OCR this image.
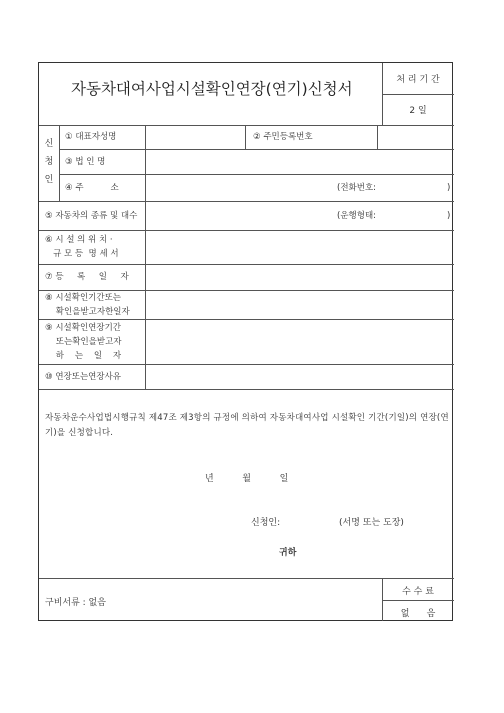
자동차대여사업시설확인연장(연기)신청서	처 리 기 간
2 일
신
청
인
① 대표자성명	② 주민등록번호
③ 법 인 명
④ 주          소	(전화번호:	)
⑤ 자동차의 종류 및 대수	(운행형태:	)
⑥ 시 설 의 위 치 ·
규 모 등  명 세 서
⑦ 등     록     일     자
⑧ 시설확인기간또는
확인을받고자한일자
⑨ 시설확인연장기간
또는확인을받고자
하    는    일    자
⑩ 연장또는연장사유
자동차운수사업법시행규칙 제47조 제3항의 규정에 의하여 자동차대여사업 시설확인 기간(기일)의 연장(연기)을 신청합니다.
년          월          일
신청인:	(서명 또는 도장)
귀하
구비서류 : 없음
수 수 료
없      음
